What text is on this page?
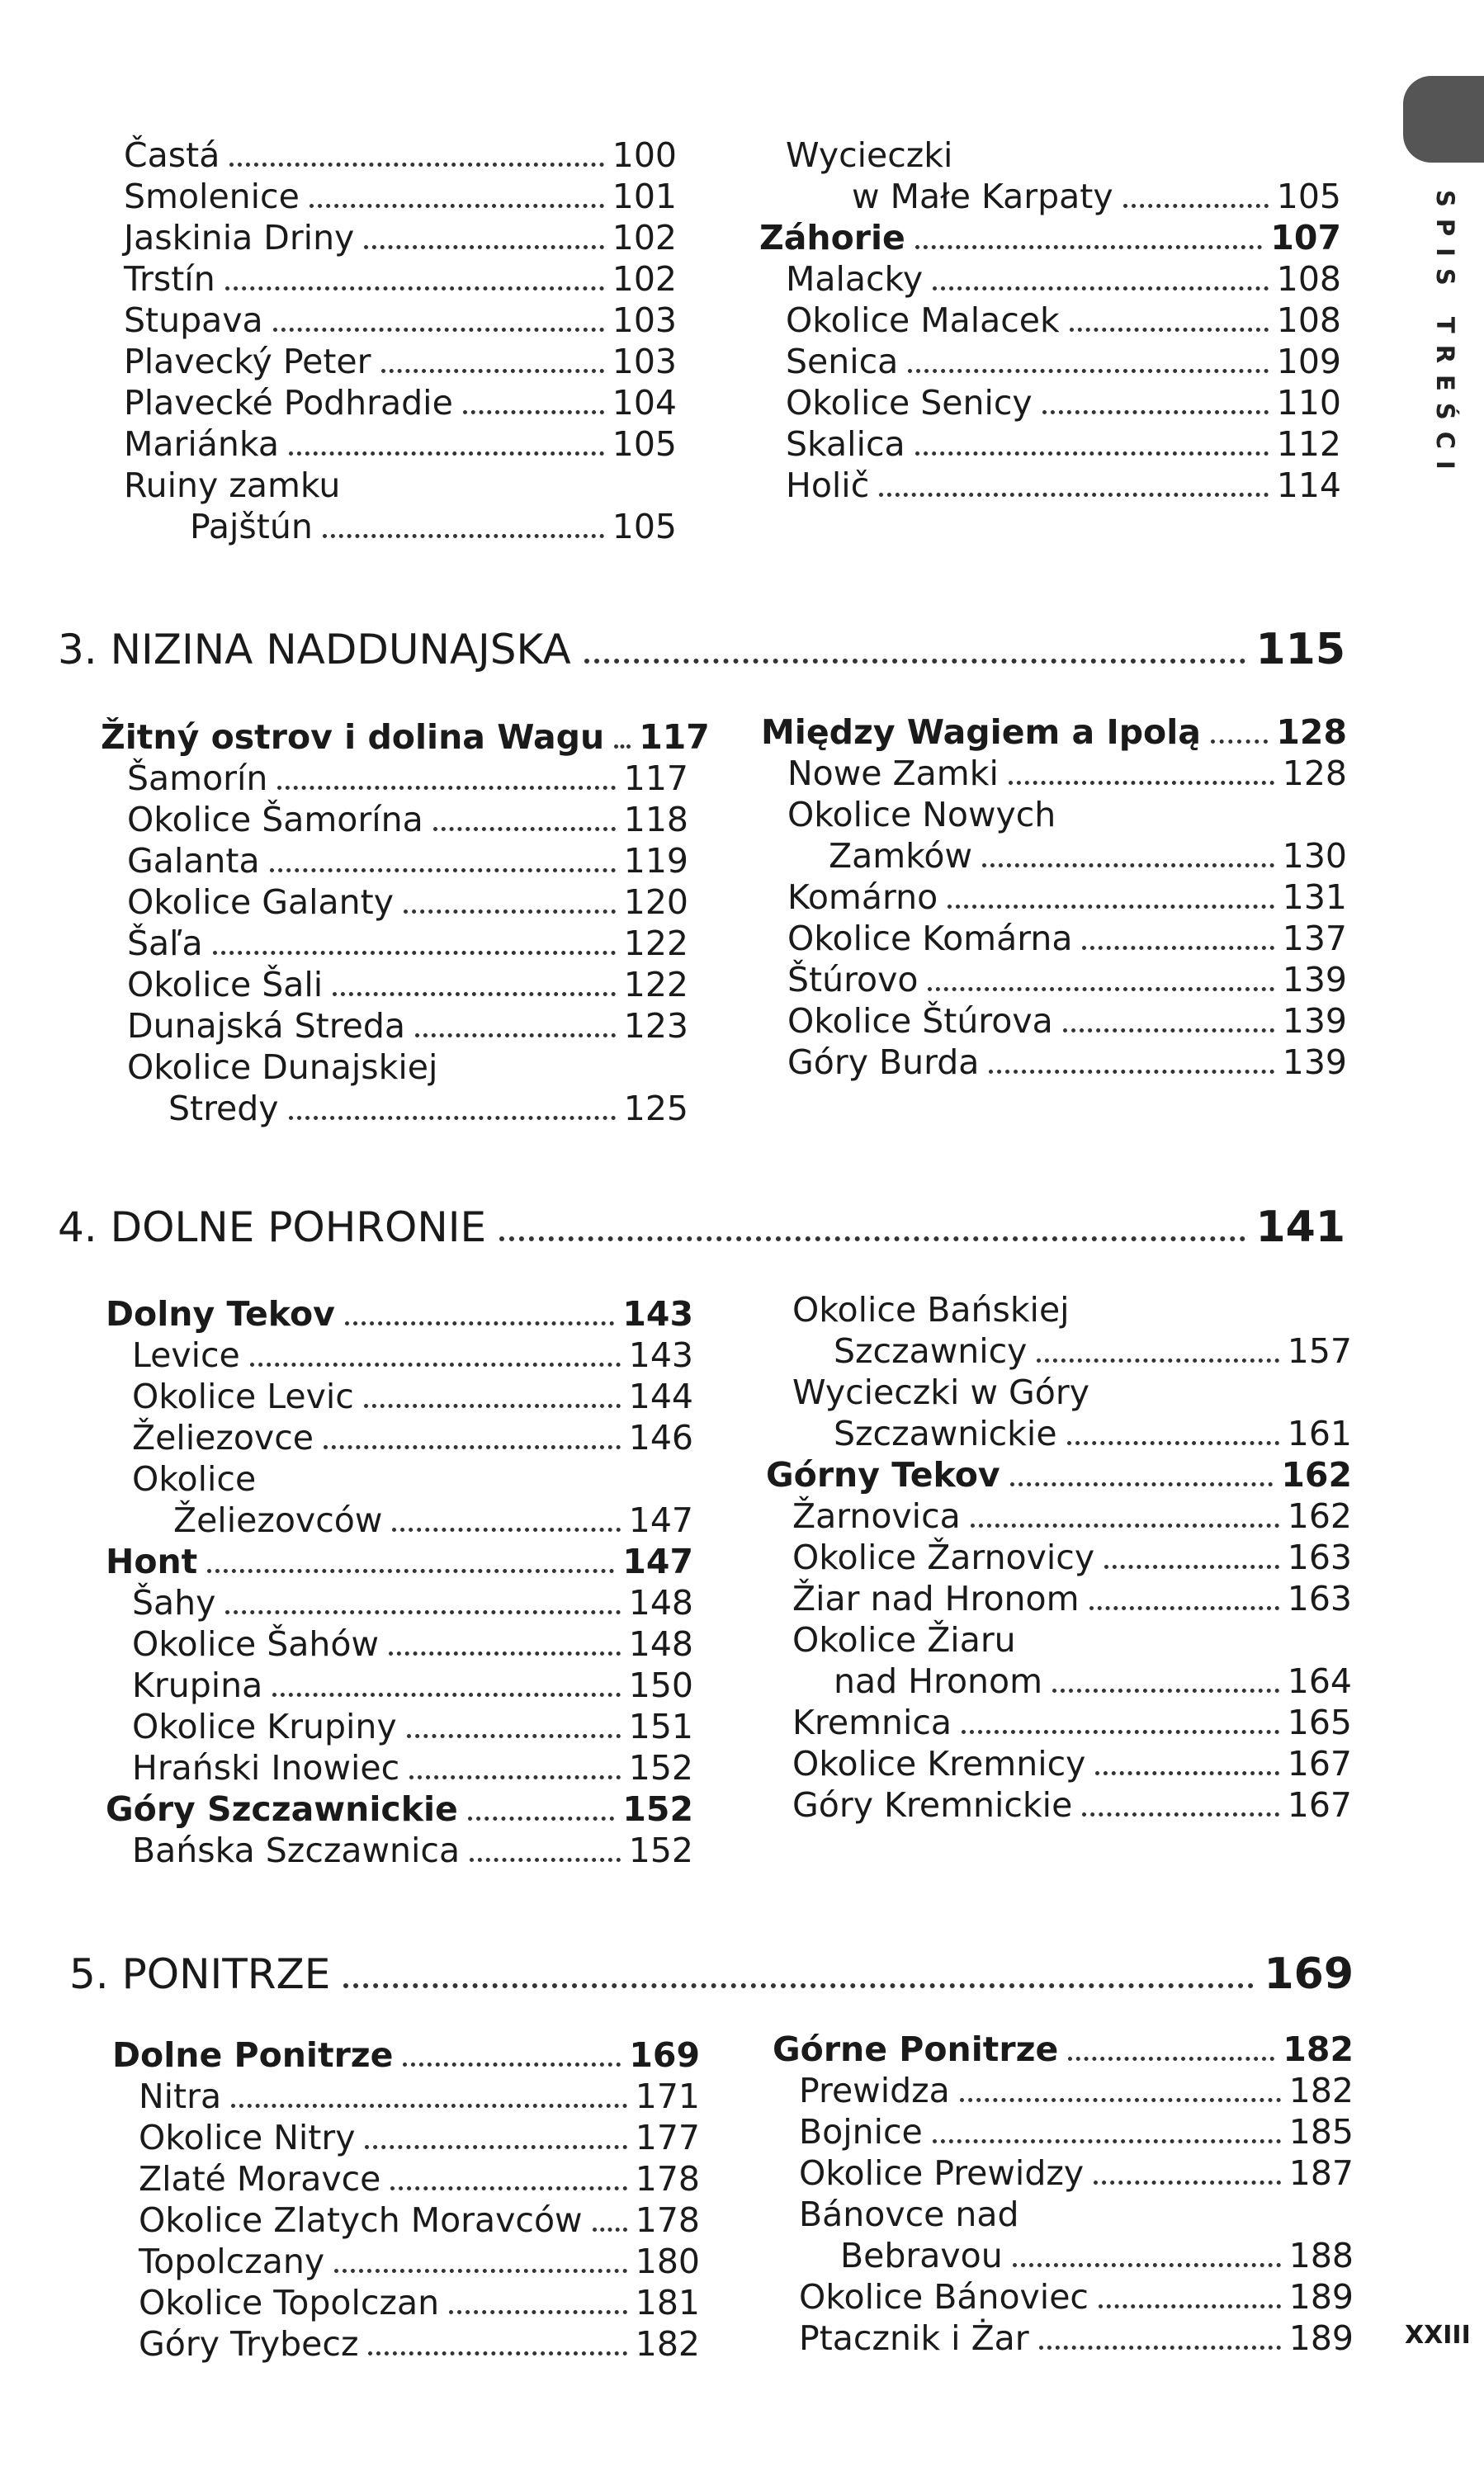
SPIS TREŚCI
Častá	100
Smolenice	101
Jaskinia Driny	102
Trstín	102
Stupava	103
Plavecký Peter	103
Plavecké Podhradie	104
Mariánka	105
Ruiny zamku
Pajštún	105
Wycieczki
w Małe Karpaty	105
Záhorie	107
Malacky	108
Okolice Malacek	108
Senica	109
Okolice Senicy	110
Skalica	112
Holič	114
3. NIZINA NADDUNAJSKA	115
Žitný ostrov i dolina Wagu 117
Šamorín	117
Okolice Šamorína	118
Galanta	119
Okolice Galanty	120
Šaľa	122
Okolice Šali	122
Dunajská Streda	123
Okolice Dunajskiej
Stredy	125
Między Wagiem a Ipolą 128
Nowe Zamki	128
Okolice Nowych
Zamków	130
Komárno	131
Okolice Komárna	137
Štúrovo	139
Okolice Štúrova	139
Góry Burda	139
4. DOLNE POHRONIE	141
Dolny Tekov	143
Levice	143
Okolice Levic	144
Želiezovce	146
Okolice
Želiezovców	147
Hont	147
Šahy	148
Okolice Šahów	148
Krupina	150
Okolice Krupiny	151
Hrański Inowiec	152
Góry Szczawnickie	152
Bańska Szczawnica	152
Okolice Bańskiej
Szczawnicy	157
Wycieczki w Góry
Szczawnickie	161
Górny Tekov	162
Žarnovica	162
Okolice Žarnovicy	163
Žiar nad Hronom	163
Okolice Žiaru
nad Hronom	164
Kremnica	165
Okolice Kremnicy	167
Góry Kremnickie	167
5. PONITRZE	169
Dolne Ponitrze	169
Nitra	171
Okolice Nitry	177
Zlaté Moravce	178
Okolice Zlatych Moravców 178
Topolczany	180
Okolice Topolczan	181
Góry Trybecz	182
Górne Ponitrze	182
Prewidza	182
Bojnice	185
Okolice Prewidzy	187
Bánovce nad
Bebravou	188
Okolice Bánoviec	189
Ptacznik i Żar	189 XXIII
